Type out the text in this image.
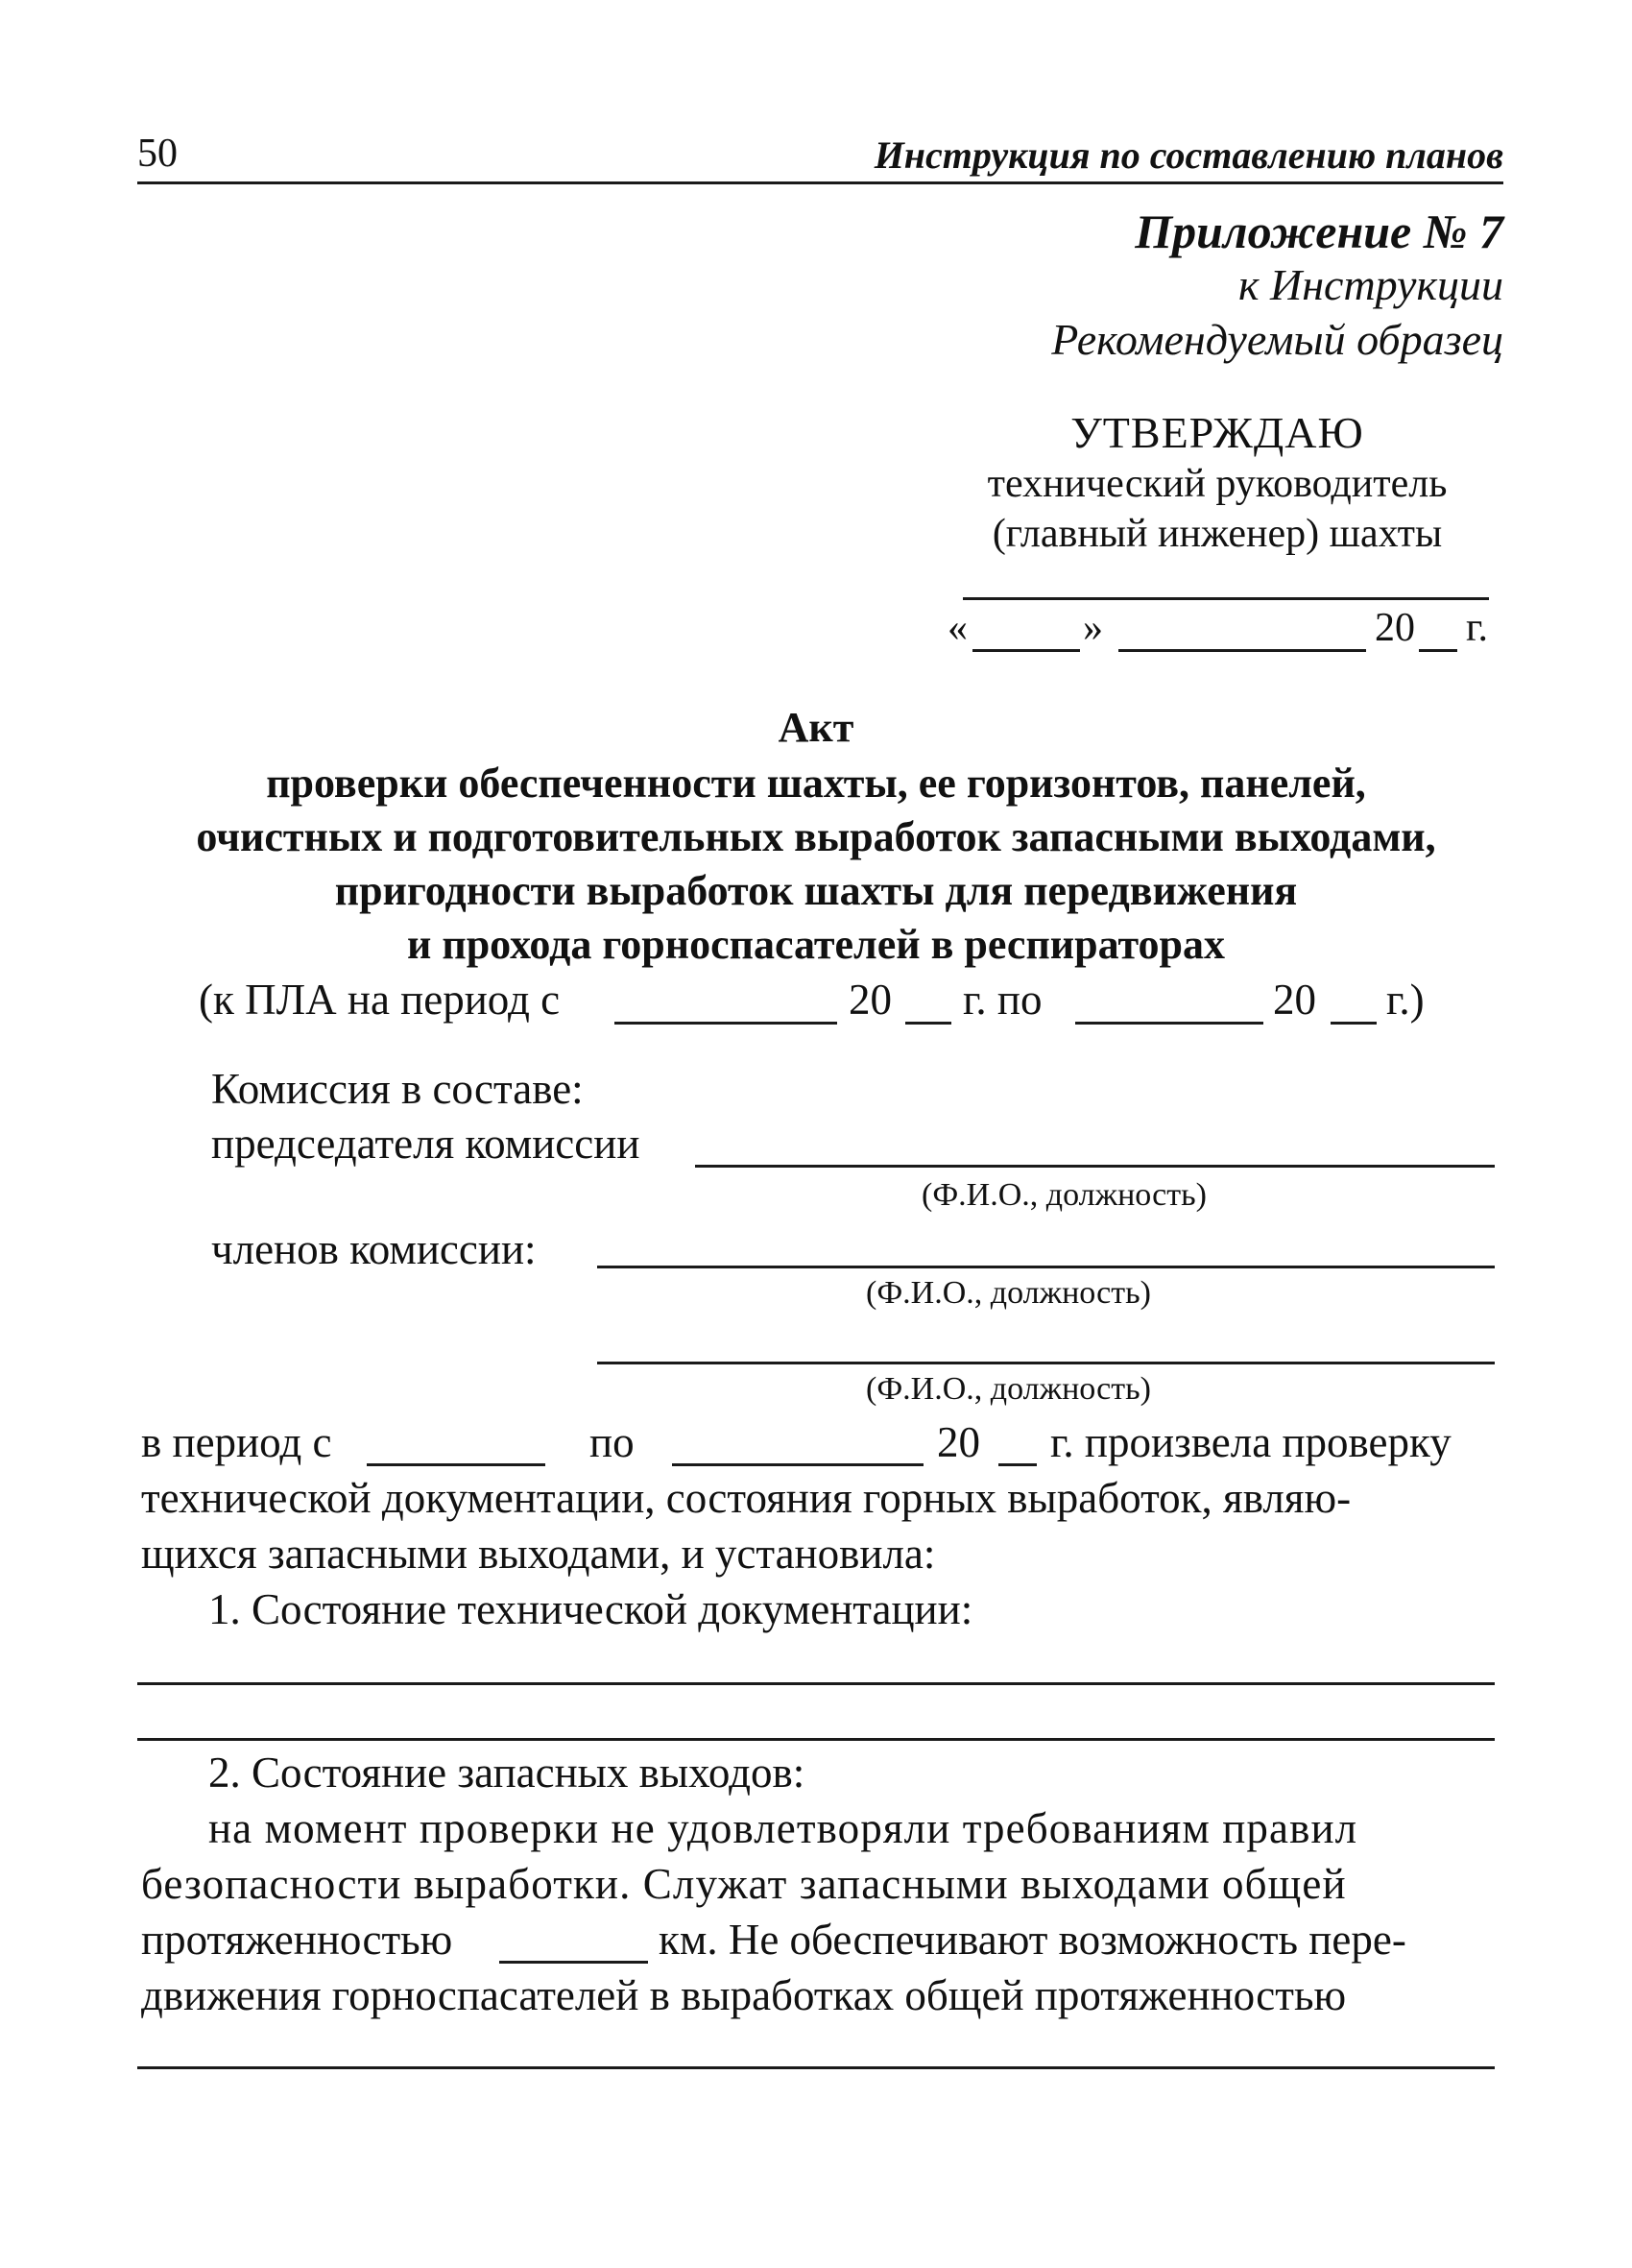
50	Инструкция по составлению планов
Приложение № 7
к Инструкции
Рекомендуемый образец
УТВЕРЖДАЮ
технический руководитель
(главный инженер) шахты
«	»	20 г.
Акт
проверки обеспеченности шахты, ее горизонтов, панелей,
очистных и подготовительных выработок запасными выходами,
пригодности выработок шахты для передвижения
и прохода горноспасателей в респираторах
(к ПЛА на период с	20 г. по	20 г.)
Комиссия в составе:
председателя комиссии
(Ф.И.О., должность)
членов комиссии:
(Ф.И.О., должность)
(Ф.И.О., должность)
в период с	по	20 г. произвела проверку
технической документации, состояния горных выработок, являю-
щихся запасными выходами, и установила:
1. Состояние технической документации:
2. Состояние запасных выходов:
на момент проверки не удовлетворяли требованиям правил
безопасности выработки. Служат запасными выходами общей
протяженностью	км. Не обеспечивают возможность пере-
движения горноспасателей в выработках общей протяженностью
